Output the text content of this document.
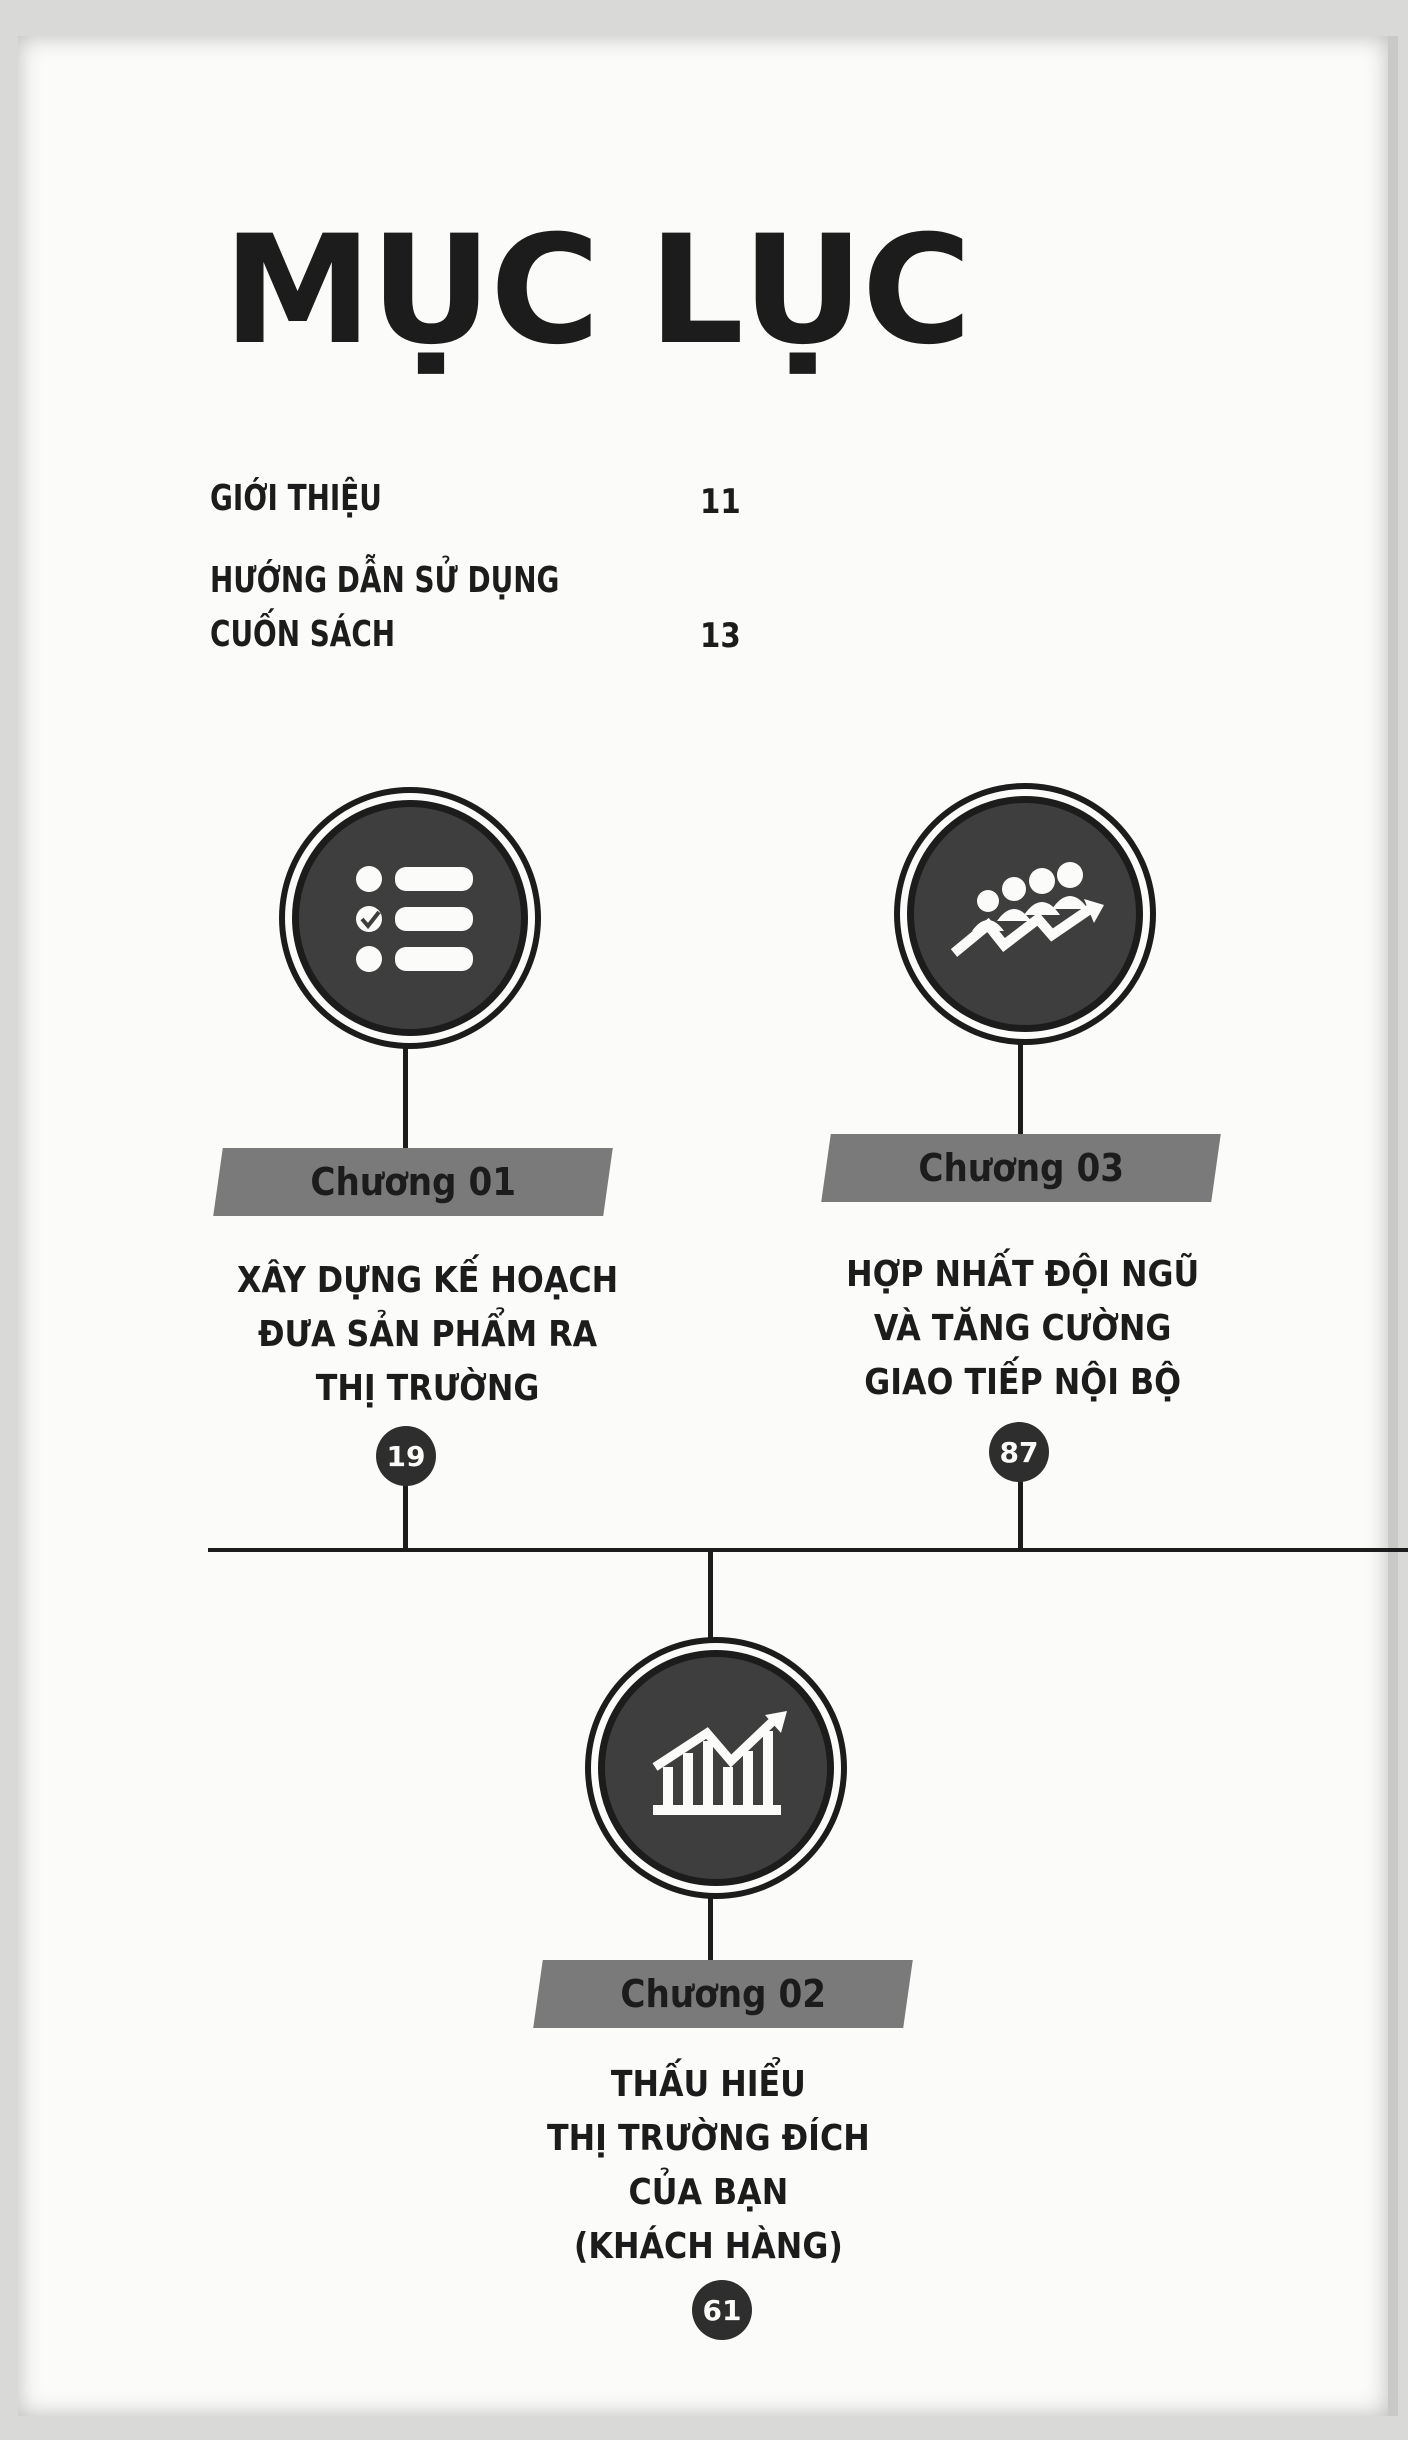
MỤC LỤC
GIỚI THIỆU	11
HƯỚNG DẪN SỬ DỤNG
CUỐN SÁCH	13
Chương 01
XÂY DỰNG KẾ HOẠCH
ĐƯA SẢN PHẨM RA
THỊ TRƯỜNG
19
Chương 03
HỢP NHẤT ĐỘI NGŨ
VÀ TĂNG CƯỜNG
GIAO TIẾP NỘI BỘ
87
Chương 02
THẤU HIỂU
THỊ TRƯỜNG ĐÍCH
CỦA BẠN
(KHÁCH HÀNG)
61
